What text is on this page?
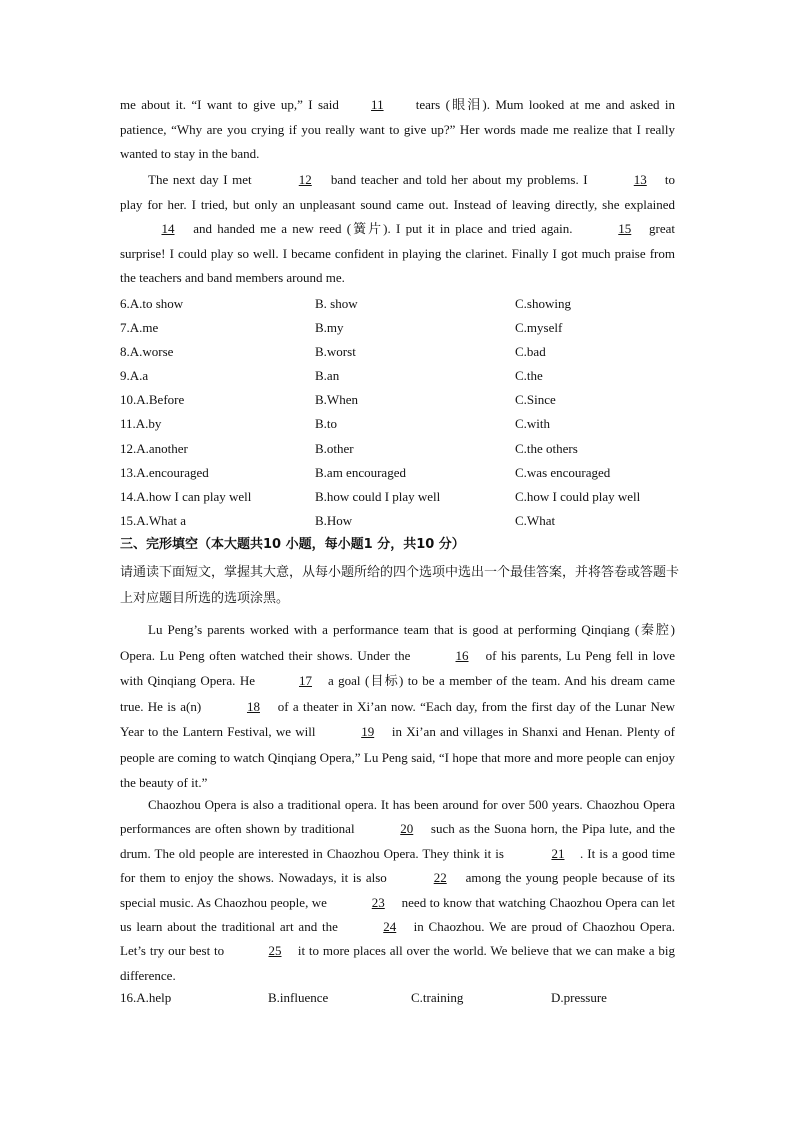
me about it. “I want to give up,” I said 11 tears (眼泪). Mum looked at me and asked in patience, “Why are you crying if you really want to give up?” Her words made me realize that I really wanted to stay in the band.
The next day I met	12 band teacher and told her about my problems. I	13 to play for her. I tried, but only an unpleasant sound came out. Instead of leaving directly, she explained 14 and handed me a new reed (簧片). I put it in place and tried again.	15 great surprise! I could play so well. I became confident in playing the clarinet. Finally I got much praise from the teachers and band members around me.
6.A.to show	B. show	C.showing
7.A.me	B.my	C.myself
8.A.worse	B.worst	C.bad
9.A.a	B.an	C.the
10.A.Before	B.When	C.Since
11.A.by	B.to	C.with
12.A.another	B.other	C.the others
13.A.encouraged	B.am encouraged	C.was encouraged
14.A.how I can play well	B.how could I play well	C.how I could play well
15.A.What a	B.How	C.What
三、完形填空（本大题共10 小题，每小题1 分，共10 分）
请通读下面短文，掌握其大意，从每小题所给的四个选项中选出一个最佳答案，并将答卷或答题卡上对应题目所选的选项涂黑。
Lu Peng’s parents worked with a performance team that is good at performing Qinqiang (秦腔) Opera. Lu Peng often watched their shows. Under the	16 of his parents, Lu Peng fell in love with Qinqiang Opera. He	17 a goal (目标) to be a member of the team. And his dream came true. He is a(n)	18 of a theater in Xi’an now. “Each day, from the first day of the Lunar New Year to the Lantern Festival, we will	19 in Xi’an and villages in Shanxi and Henan. Plenty of people are coming to watch Qinqiang Opera,” Lu Peng said, “I hope that more and more people can enjoy the beauty of it.”
Chaozhou Opera is also a traditional opera. It has been around for over 500 years. Chaozhou Opera performances are often shown by traditional	20 such as the Suona horn, the Pipa lute, and the drum. The old people are interested in Chaozhou Opera. They think it is	21 . It is a good time for them to enjoy the shows. Nowadays, it is also	22 among the young people because of its special music. As Chaozhou people, we	23 need to know that watching Chaozhou Opera can let us learn about the traditional art and the	24 in Chaozhou. We are proud of Chaozhou Opera. Let’s try our best to	25 it to more places all over the world. We believe that we can make a big difference.
16.A.help	B.influence	C.training	D.pressure
